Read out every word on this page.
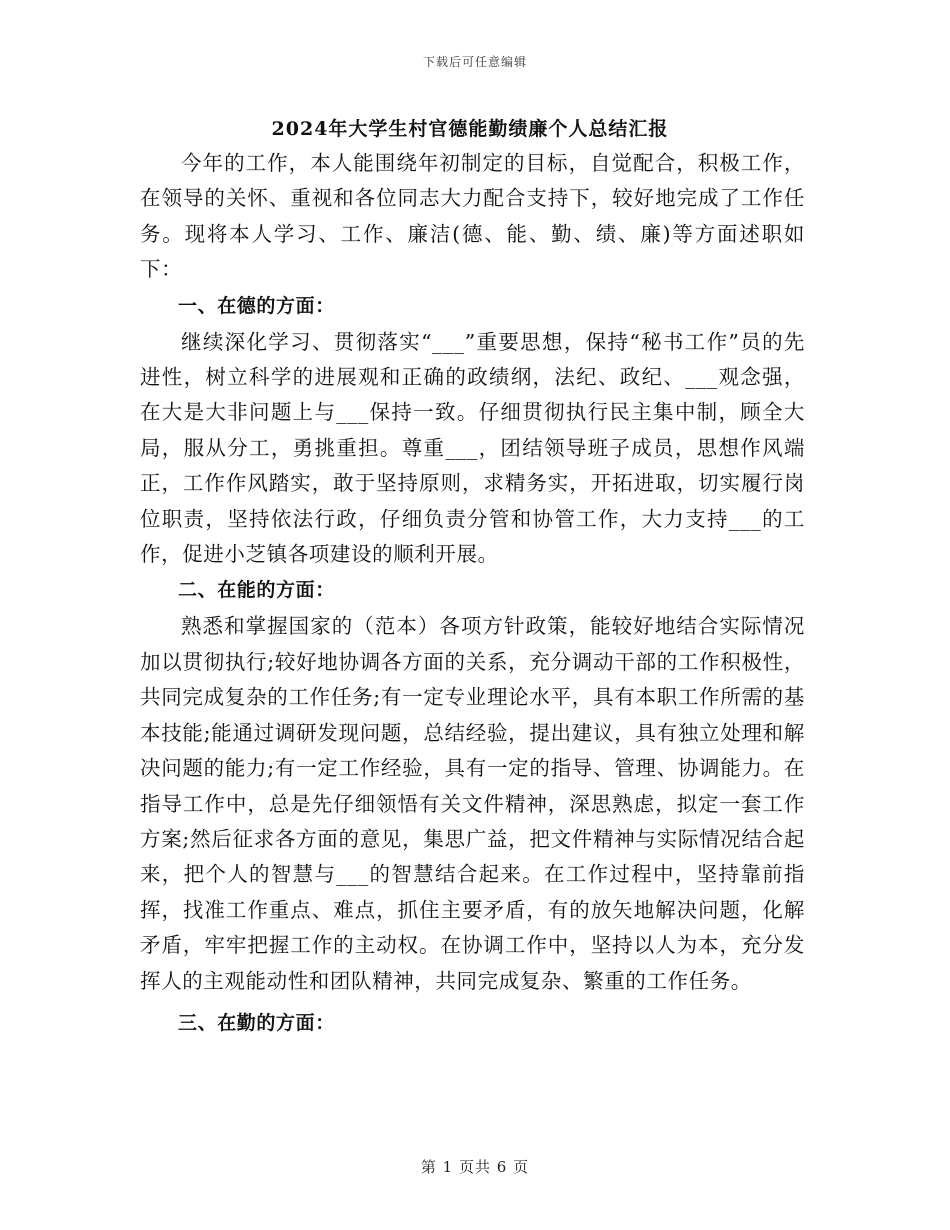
下载后可任意编辑
2024年大学生村官德能勤绩廉个人总结汇报

今年的工作，本人能围绕年初制定的目标，自觉配合，积极工作，在领导的关怀、重视和各位同志大力配合支持下，较好地完成了工作任务。现将本人学习、工作、廉洁(德、能、勤、绩、廉)等方面述职如下：

一、在德的方面：

继续深化学习、贯彻落实“___”重要思想，保持“秘书工作”员的先进性，树立科学的进展观和正确的政绩纲，法纪、政纪、___观念强，在大是大非问题上与___保持一致。仔细贯彻执行民主集中制，顾全大局，服从分工，勇挑重担。尊重___，团结领导班子成员，思想作风端正，工作作风踏实，敢于坚持原则，求精务实，开拓进取，切实履行岗位职责，坚持依法行政，仔细负责分管和协管工作，大力支持___的工作，促进小芝镇各项建设的顺利开展。

二、在能的方面：

熟悉和掌握国家的（范本）各项方针政策，能较好地结合实际情况加以贯彻执行;较好地协调各方面的关系，充分调动干部的工作积极性，共同完成复杂的工作任务;有一定专业理论水平，具有本职工作所需的基本技能;能通过调研发现问题，总结经验，提出建议，具有独立处理和解决问题的能力;有一定工作经验，具有一定的指导、管理、协调能力。在指导工作中，总是先仔细领悟有关文件精神，深思熟虑，拟定一套工作方案;然后征求各方面的意见，集思广益，把文件精神与实际情况结合起来，把个人的智慧与___的智慧结合起来。在工作过程中，坚持靠前指挥，找准工作重点、难点，抓住主要矛盾，有的放矢地解决问题，化解矛盾，牢牢把握工作的主动权。在协调工作中，坚持以人为本，充分发挥人的主观能动性和团队精神，共同完成复杂、繁重的工作任务。

三、在勤的方面：

第 1 页共 6 页
